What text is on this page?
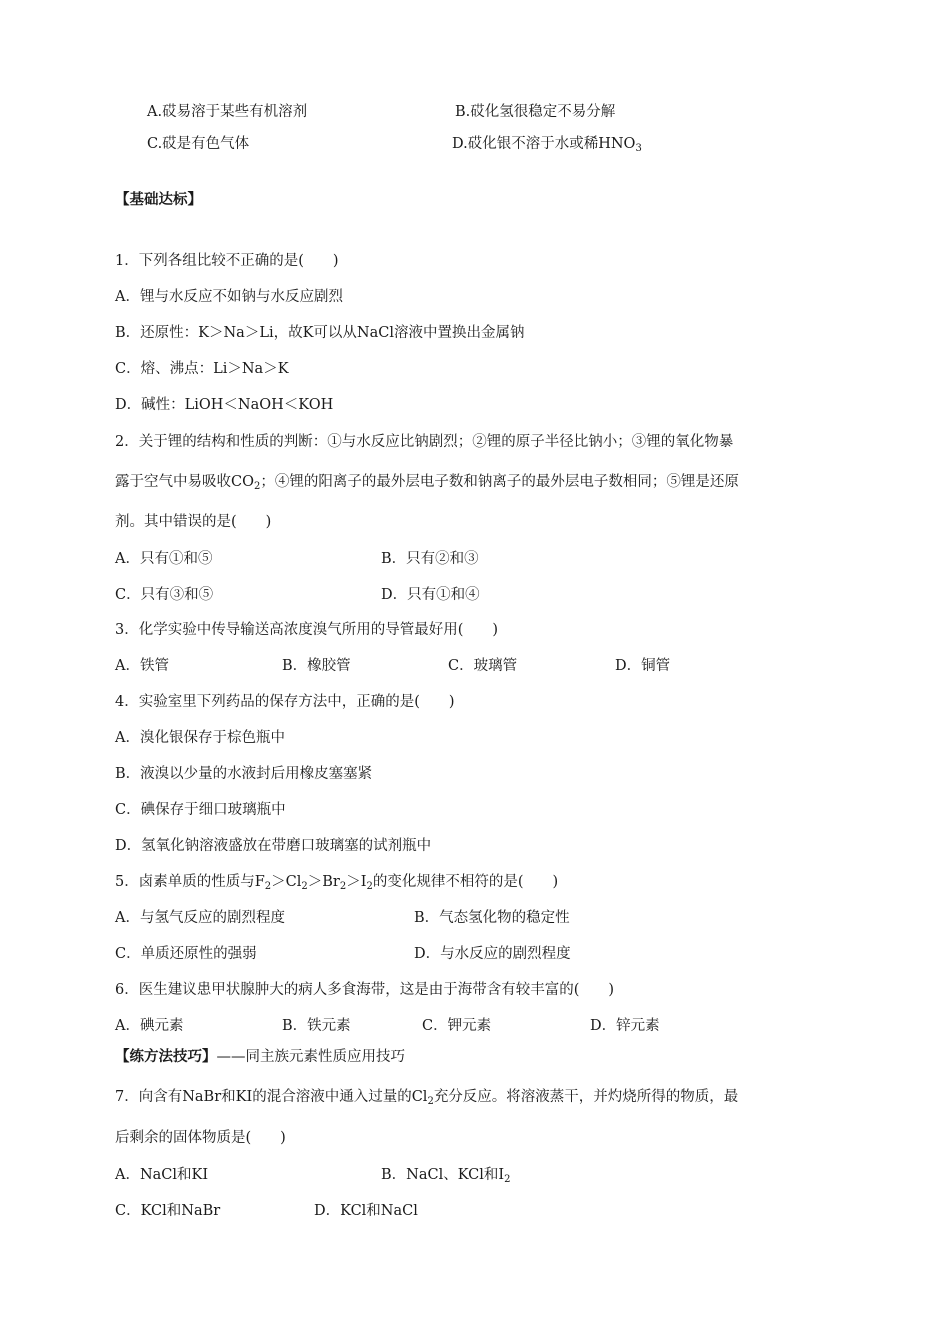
A.砹易溶于某些有机溶剂	B.砹化氢很稳定不易分解
C.砹是有色气体	D.砹化银不溶于水或稀$HNO_3$
【基础达标】
1．下列各组比较不正确的是(　　)
A．锂与水反应不如钠与水反应剧烈
B．还原性：K＞Na＞Li，故K可以从NaCl溶液中置换出金属钠
C．熔、沸点：Li＞Na＞K
D．碱性：LiOH＜NaOH＜KOH
2．关于锂的结构和性质的判断：①与水反应比钠剧烈；②锂的原子半径比钠小；③锂的氧化物暴
露于空气中易吸收$CO_2$；④锂的阳离子的最外层电子数和钠离子的最外层电子数相同；⑤锂是还原
剂。其中错误的是(　　)
A．只有①和⑤	B．只有②和③
C．只有③和⑤	D．只有①和④
3．化学实验中传导输送高浓度溴气所用的导管最好用(　　)
A．铁管	B．橡胶管	C．玻璃管	D．铜管
4．实验室里下列药品的保存方法中，正确的是(　　)
A．溴化银保存于棕色瓶中
B．液溴以少量的水液封后用橡皮塞塞紧
C．碘保存于细口玻璃瓶中
D．氢氧化钠溶液盛放在带磨口玻璃塞的试剂瓶中
5．卤素单质的性质与$F_2>Cl_2>Br_2>I_2$的变化规律不相符的是(　　)
A．与氢气反应的剧烈程度	B．气态氢化物的稳定性
C．单质还原性的强弱	D．与水反应的剧烈程度
6．医生建议患甲状腺肿大的病人多食海带，这是由于海带含有较丰富的(　　)
A．碘元素	B．铁元素	C．钾元素	D．锌元素
【练方法技巧】——同主族元素性质应用技巧
7．向含有NaBr和KI的混合溶液中通入过量的$Cl_2$充分反应。将溶液蒸干，并灼烧所得的物质，最
后剩余的固体物质是(　　)
A．NaCl和KI	B．NaCl、KCl和$I_2$
C．KCl和NaBr	D．KCl和NaCl
